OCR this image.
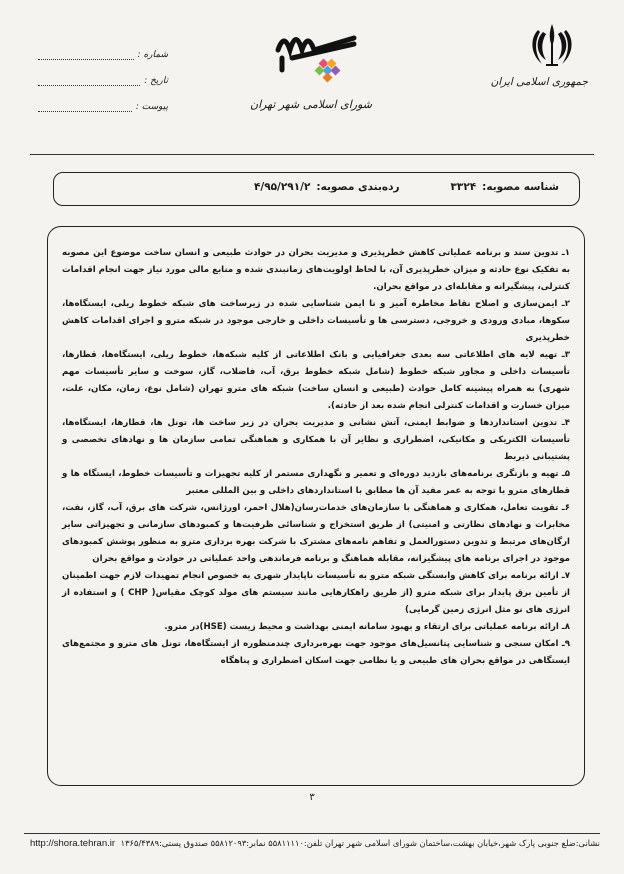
جمهوری اسلامی ایران
شورای اسلامی شهر تهران
شماره :
تاریخ :
پیوست :
شناسه مصوبه:۳۳۲۴
رده‌بندی مصوبه:۴/۹۵/۲۹۱/۲

۱ـ تدوین سند و برنامه عملیاتی کاهش خطرپذیری و مدیریت بحران در حوادث طبیعی و انسان ساخت موضوع این مصوبه به تفکیک نوع حادثه و میزان خطرپذیری آن، با لحاظ اولویت‌های زمانبندی شده و منابع مالی مورد نیاز جهت انجام اقدامات کنترلی، پیشگیرانه و مقابله‌ای در مواقع بحران.

۲ـ ایمن‌سازی و اصلاح نقاط مخاطره آمیز و نا ایمن شناسایی شده در زیرساخت های شبکه خطوط ریلی، ایستگاه‌ها، سکوها، مبادی ورودی و خروجی، دسترسی ها و تأسیسات داخلی و خارجی موجود در شبکه مترو و اجرای اقدامات کاهش خطرپذیری

۳ـ تهیه لایه های اطلاعاتی سه بعدی جغرافیایی و بانک اطلاعاتی از کلیه شبکه‌ها، خطوط ریلی، ایستگاه‌ها، قطارها، تأسیسات داخلی و مجاور شبکه خطوط (شامل شبکه خطوط برق، آب، فاضلاب، گاز، سوخت و سایر تأسیسات مهم شهری) به همراه پیشینه کامل حوادث (طبیعی و انسان ساخت) شبکه های مترو تهران (شامل نوع، زمان، مکان، علت، میزان خسارت و اقدامات کنترلی انجام شده بعد از حادثه).

۴ـ تدوین استانداردها و ضوابط ایمنی، آتش نشانی و مدیریت بحران در زیر ساخت ها، تونل ها، قطارها، ایستگاه‌ها، تأسیسات الکتریکی و مکانیکی، اضطراری و نظایر آن با همکاری و هماهنگی تمامی سازمان ها و نهادهای تخصصی و پشتیبانی ذیربط

۵ـ تهیه و بازنگری برنامه‌های بازدید دوره‌ای و تعمیر و نگهداری مستمر از کلیه تجهیزات و تأسیسات خطوط، ایستگاه ها و قطارهای مترو با توجه به عمر مفید آن ها مطابق با استانداردهای داخلی و بین المللی معتبر

۶ـ تقویت تعامل، همکاری و هماهنگی با سازمان‌های خدمات‌رسان(هلال احمر، اورژانس، شرکت های برق، آب، گاز، نفت، مخابرات و نهادهای نظارتی و امنیتی) از طریق استخراج و شناسائی ظرفیت‌ها و کمبودهای سازمانی و تجهیزاتی سایر ارگان‌های مرتبط و تدوین دستورالعمل و تفاهم نامه‌های مشترک با شرکت بهره برداری مترو به منظور پوشش کمبودهای موجود در اجرای برنامه های پیشگیرانه، مقابله هماهنگ و برنامه فرماندهی واحد عملیاتی در حوادث و مواقع بحران

۷ـ ارائه برنامه برای کاهش وابستگی شبکه مترو به تأسیسات ناپایدار شهری به خصوص انجام تمهیدات لازم جهت اطمینان از تأمین برق پایدار برای شبکه مترو (از طریق راهکارهایی مانند سیستم های مولد کوچک مقیاس( CHP ) و استفاده از انرژی های نو مثل انرژی زمین گرمایی)

۸ـ ارائه برنامه عملیاتی برای ارتقاء و بهبود سامانه ایمنی بهداشت و محیط زیست (HSE)در مترو.

۹ـ امکان سنجی و شناسایی پتانسیل‌های موجود جهت بهره‌برداری چندمنظوره از ایستگاه‌ها، تونل های مترو و مجتمع‌های ایستگاهی در مواقع بحران های طبیعی و یا نظامی جهت اسکان اضطراری و پناهگاه

۳
نشانی:ضلع جنوبی پارک شهر،خیابان بهشت،ساختمان شورای اسلامی شهر تهران تلفن:۵۵۸۱۱۱۱۰ نمابر:۵۵۸۱۲۰۹۳ صندوق پستی:۱۳۶۵/۴۳۸۹
http://shora.tehran.ir
